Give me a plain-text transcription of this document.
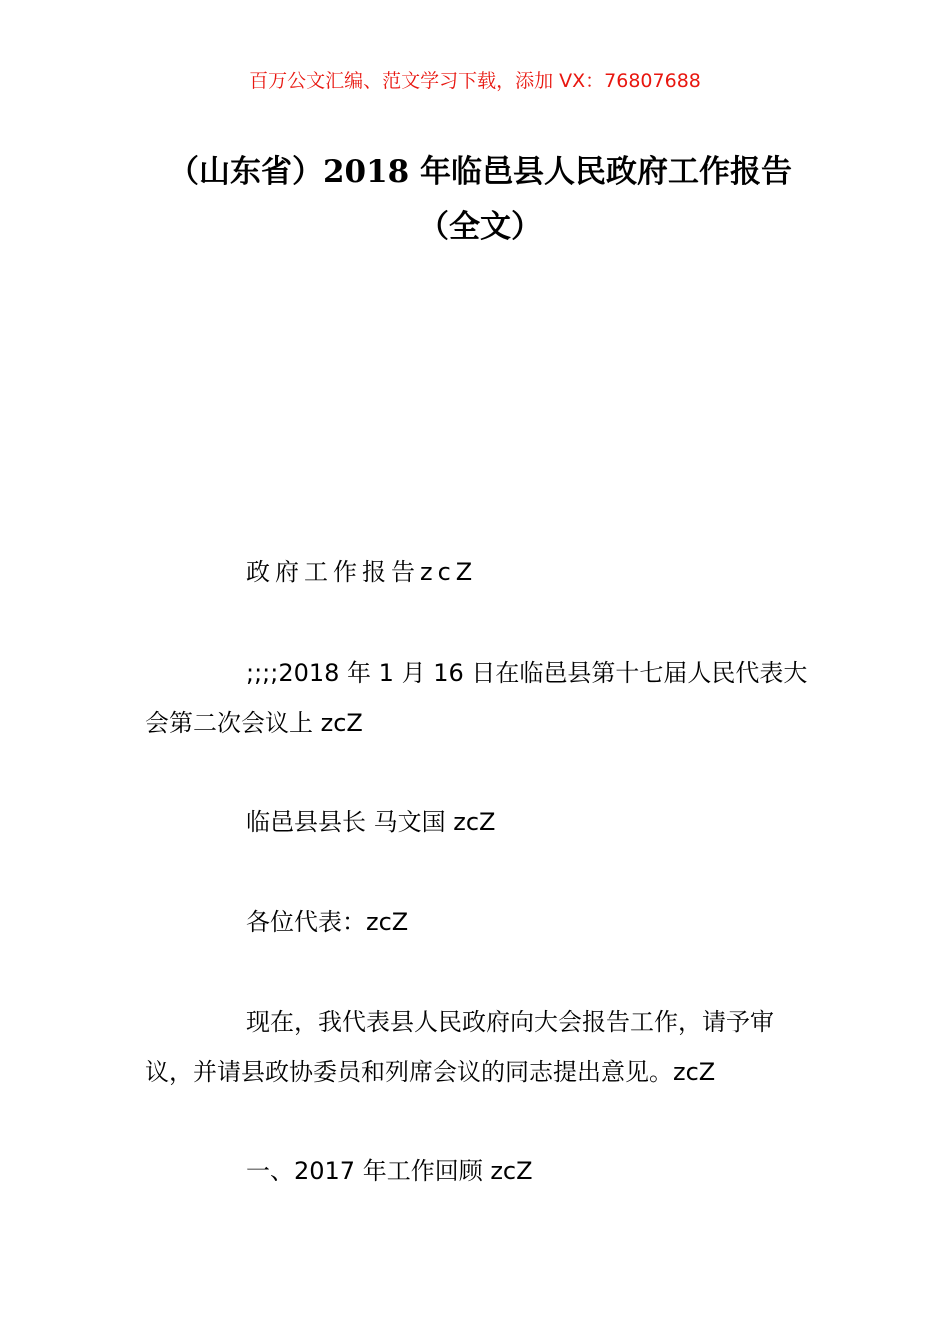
百万公文汇编、范文学习下载，添加 VX：76807688
（山东省）2018 年临邑县人民政府工作报告（全文）
政府工作报告zcZ
;;;;2018 年 1 月 16 日在临邑县第十七届人民代表大会第二次会议上 zcZ
临邑县县长 马文国 zcZ
各位代表：zcZ
现在，我代表县人民政府向大会报告工作，请予审议，并请县政协委员和列席会议的同志提出意见。zcZ
一、2017 年工作回顾 zcZ
